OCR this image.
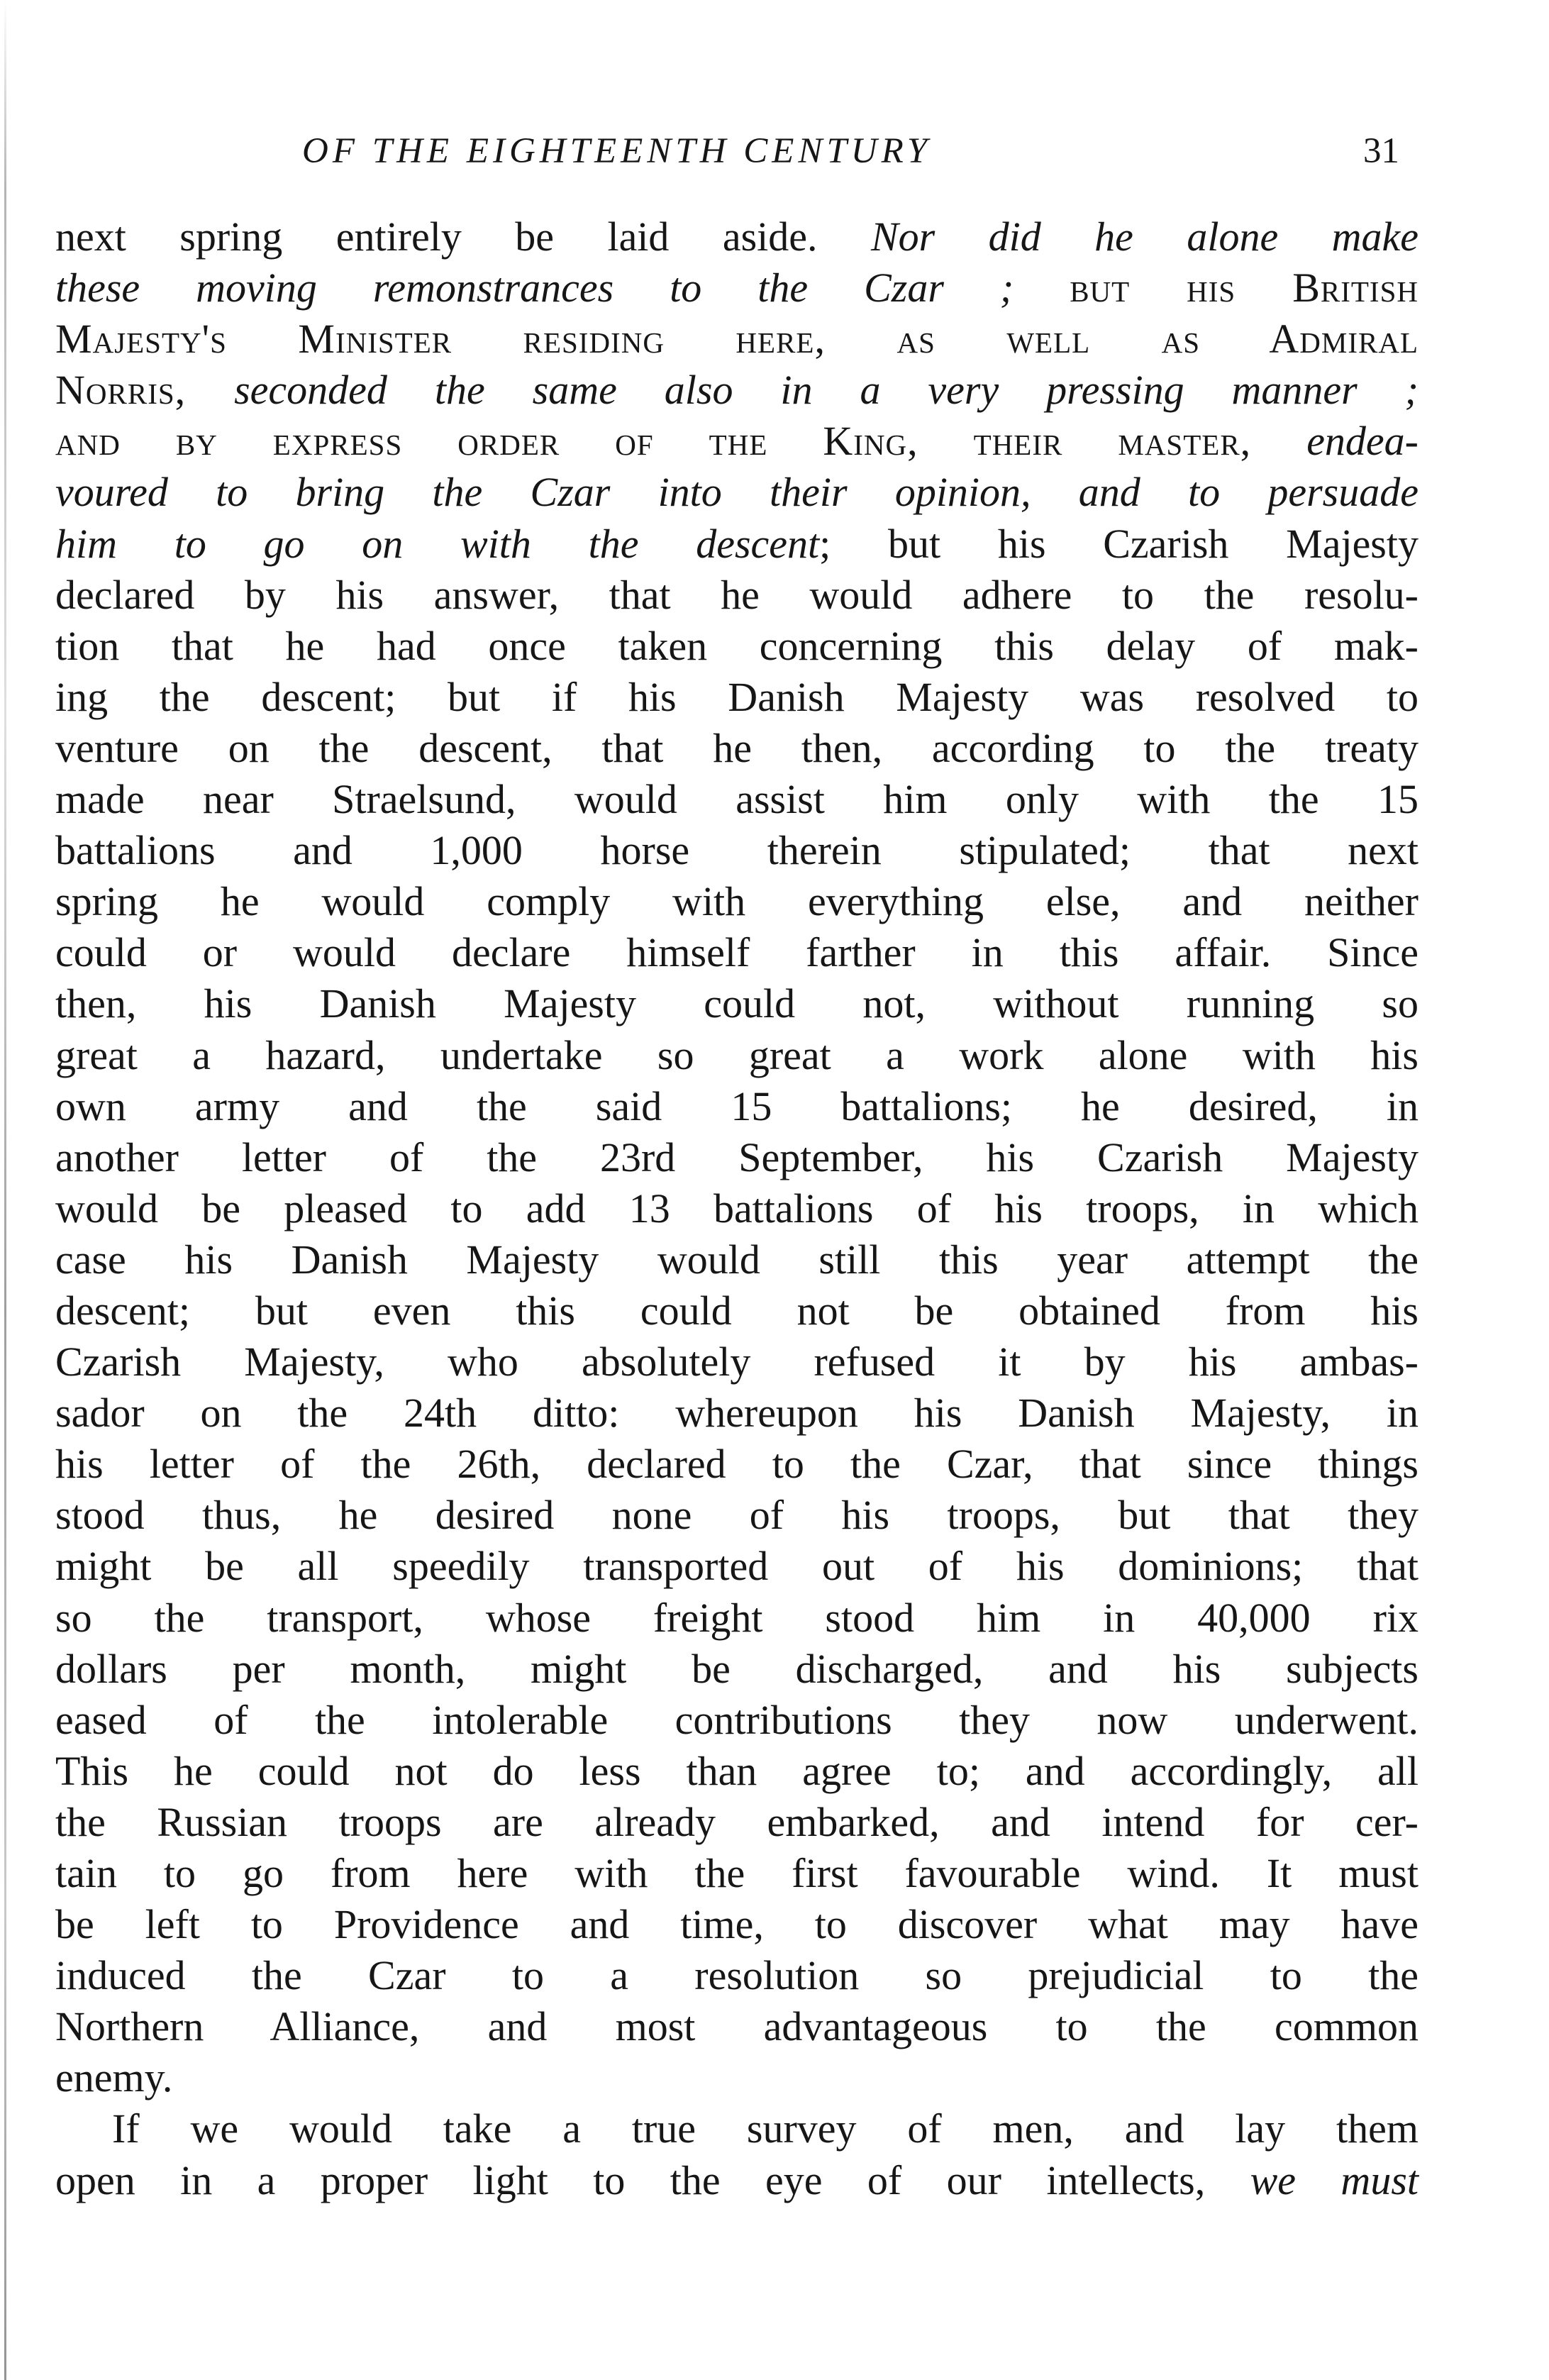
OF THE EIGHTEENTH CENTURY	31
next spring entirely be laid aside. Nor did he alone make
these moving remonstrances to the Czar ; but his British
Majesty's Minister residing here, as well as Admiral
Norris, seconded the same also in a very pressing manner ;
and by express order of the King, their master, endea-
voured to bring the Czar into their opinion, and to persuade
him to go on with the descent; but his Czarish Majesty
declared by his answer, that he would adhere to the resolu-
tion that he had once taken concerning this delay of mak-
ing the descent; but if his Danish Majesty was resolved to
venture on the descent, that he then, according to the treaty
made near Straelsund, would assist him only with the 15
battalions and 1,000 horse therein stipulated; that next
spring he would comply with everything else, and neither
could or would declare himself farther in this affair. Since
then, his Danish Majesty could not, without running so
great a hazard, undertake so great a work alone with his
own army and the said 15 battalions; he desired, in
another letter of the 23rd September, his Czarish Majesty
would be pleased to add 13 battalions of his troops, in which
case his Danish Majesty would still this year attempt the
descent; but even this could not be obtained from his
Czarish Majesty, who absolutely refused it by his ambas-
sador on the 24th ditto: whereupon his Danish Majesty, in
his letter of the 26th, declared to the Czar, that since things
stood thus, he desired none of his troops, but that they
might be all speedily transported out of his dominions; that
so the transport, whose freight stood him in 40,000 rix
dollars per month, might be discharged, and his subjects
eased of the intolerable contributions they now underwent.
This he could not do less than agree to; and accordingly, all
the Russian troops are already embarked, and intend for cer-
tain to go from here with the first favourable wind. It must
be left to Providence and time, to discover what may have
induced the Czar to a resolution so prejudicial to the
Northern Alliance, and most advantageous to the common
enemy.
If we would take a true survey of men, and lay them
open in a proper light to the eye of our intellects, we must
